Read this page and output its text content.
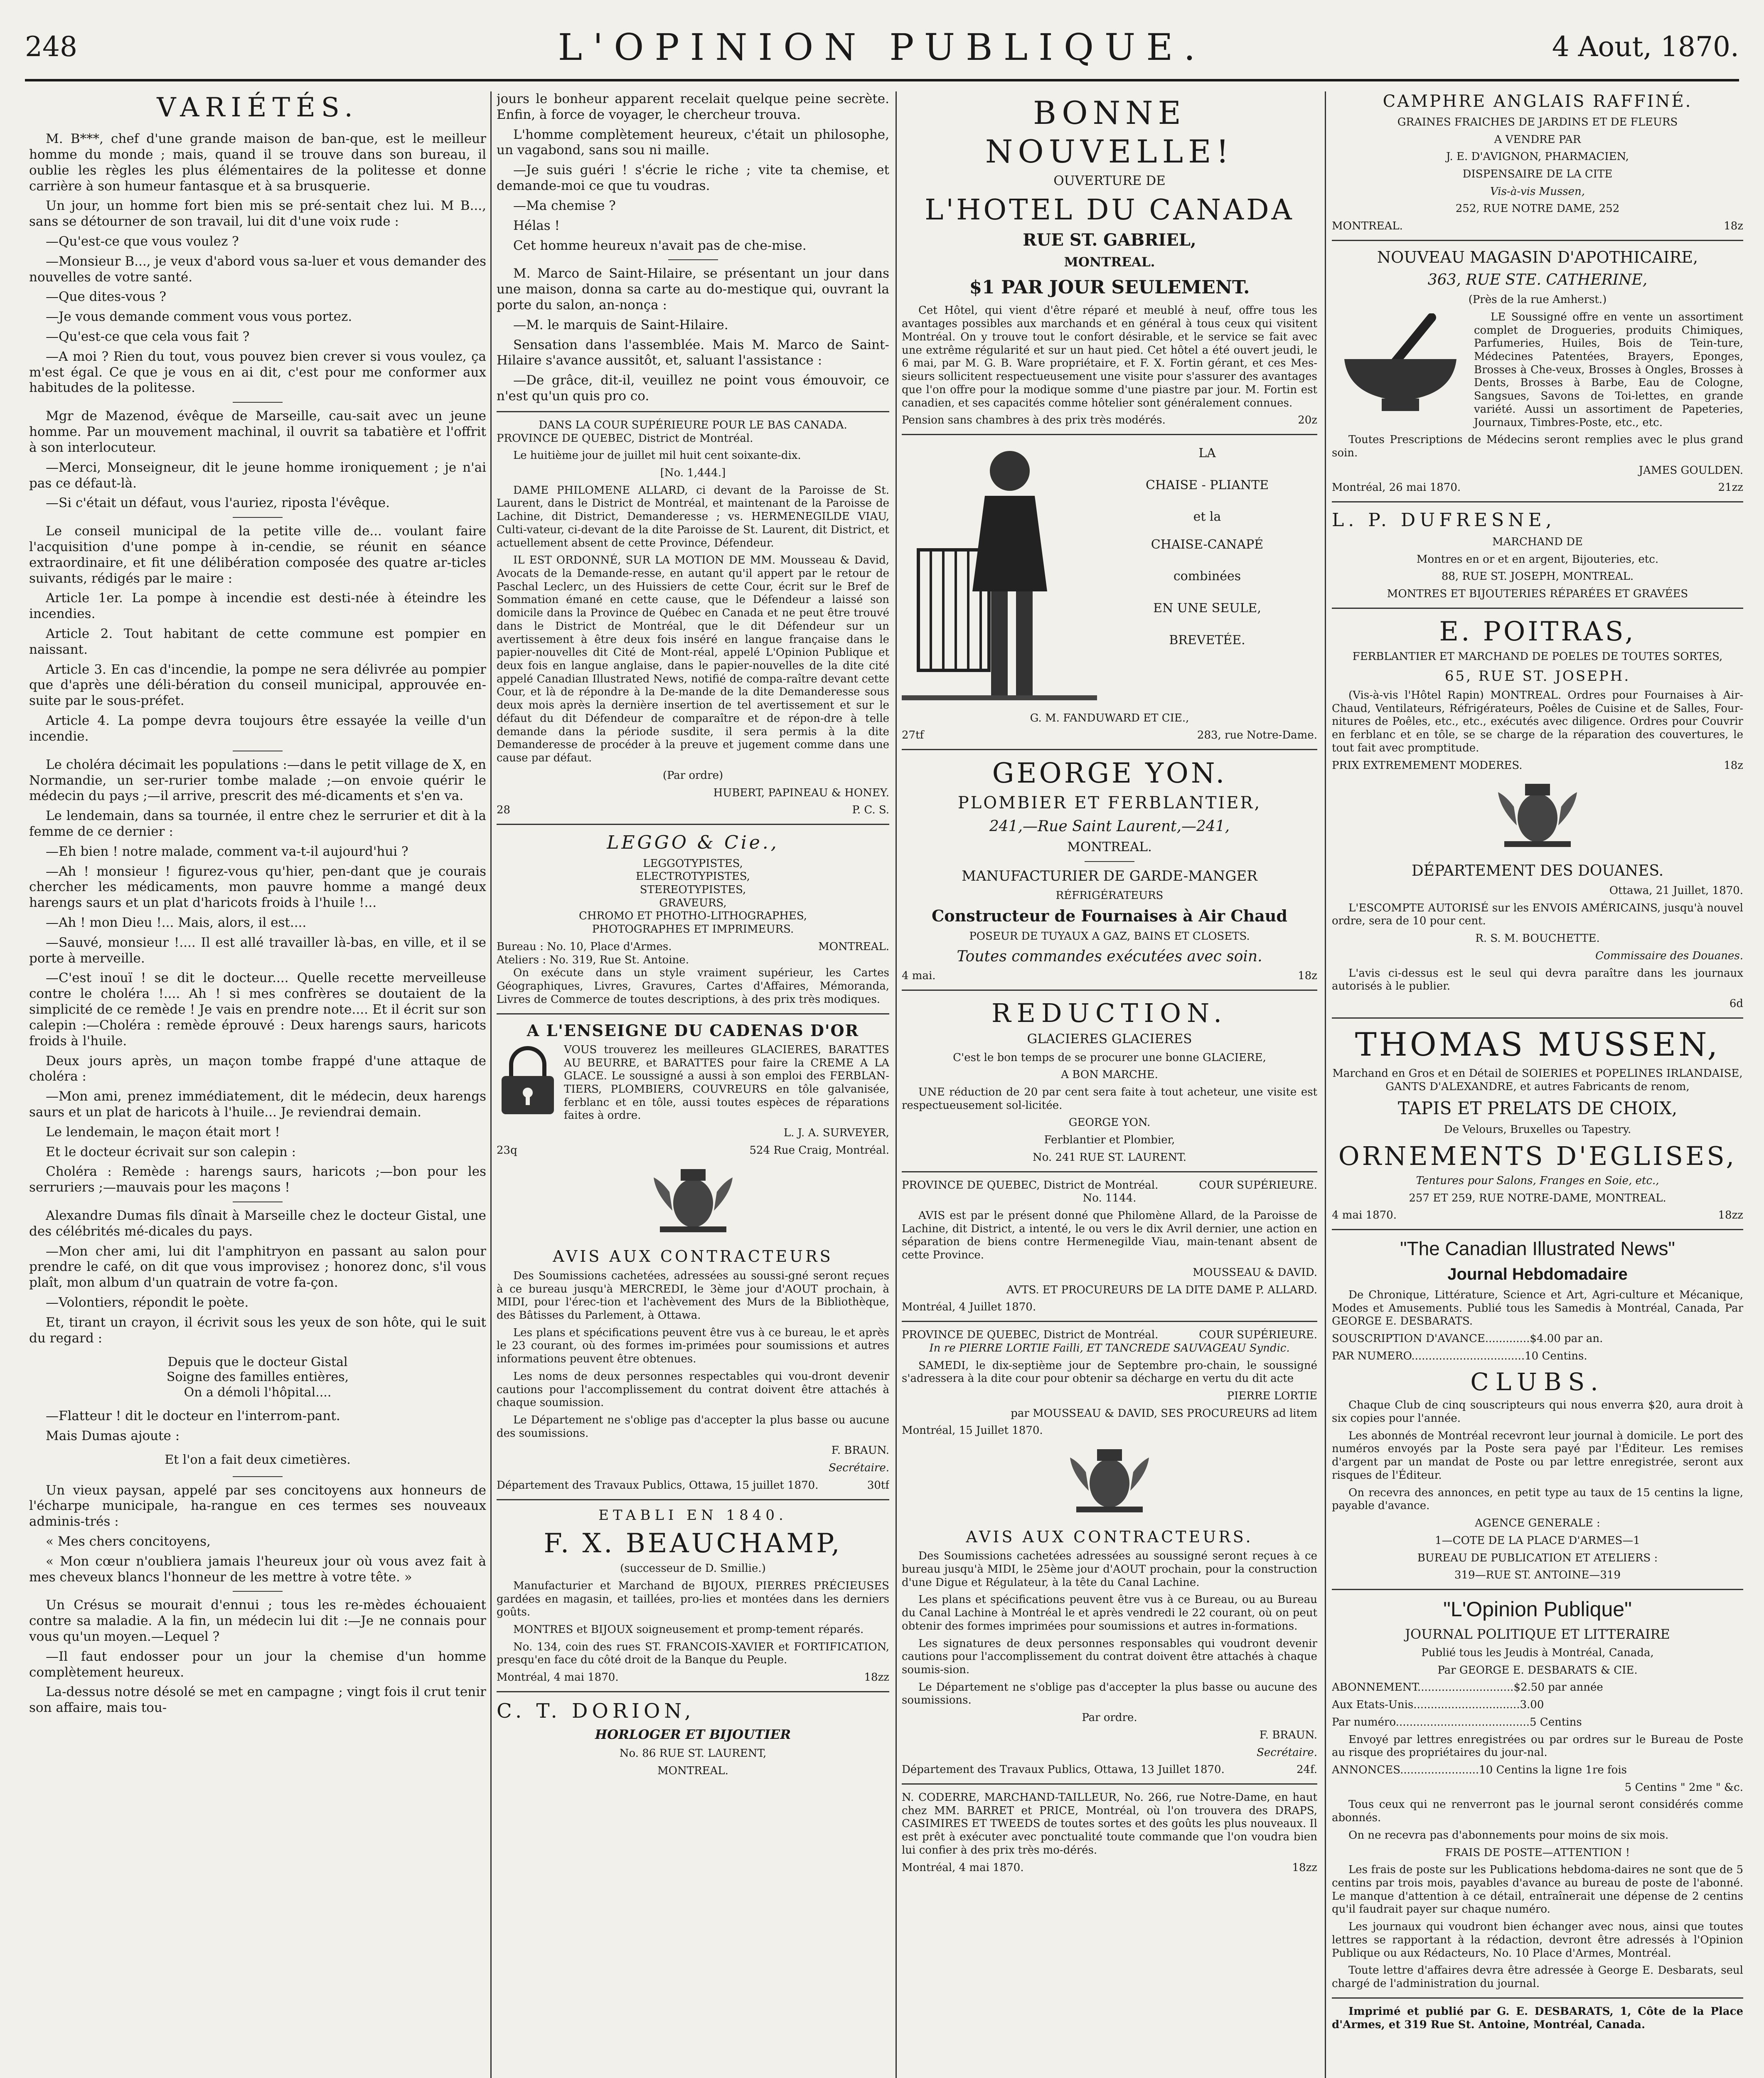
248	L'OPINION PUBLIQUE.	4 Aout, 1870.
VARIÉTÉS.

M. B***, chef d'une grande maison de ban-que, est le meilleur homme du monde ; mais, quand il se trouve dans son bureau, il oublie les règles les plus élémentaires de la politesse et donne carrière à son humeur fantasque et à sa brusquerie.

Un jour, un homme fort bien mis se pré-sentait chez lui. M B..., sans se détourner de son travail, lui dit d'une voix rude :

—Qu'est-ce que vous voulez ?

—Monsieur B..., je veux d'abord vous sa-luer et vous demander des nouvelles de votre santé.

—Que dites-vous ?

—Je vous demande comment vous vous portez.

—Qu'est-ce que cela vous fait ?

—A moi ? Rien du tout, vous pouvez bien crever si vous voulez, ça m'est égal. Ce que je vous en ai dit, c'est pour me conformer aux habitudes de la politesse.

Mgr de Mazenod, évêque de Marseille, cau-sait avec un jeune homme. Par un mouvement machinal, il ouvrit sa tabatière et l'offrit à son interlocuteur.

—Merci, Monseigneur, dit le jeune homme ironiquement ; je n'ai pas ce défaut-là.

—Si c'était un défaut, vous l'auriez, riposta l'évêque.

Le conseil municipal de la petite ville de... voulant faire l'acquisition d'une pompe à in-cendie, se réunit en séance extraordinaire, et fit une délibération composée des quatre ar-ticles suivants, rédigés par le maire :

Article 1er. La pompe à incendie est desti-née à éteindre les incendies.

Article 2. Tout habitant de cette commune est pompier en naissant.

Article 3. En cas d'incendie, la pompe ne sera délivrée au pompier que d'après une déli-bération du conseil municipal, approuvée en-suite par le sous-préfet.

Article 4. La pompe devra toujours être essayée la veille d'un incendie.

Le choléra décimait les populations :—dans le petit village de X, en Normandie, un ser-rurier tombe malade ;—on envoie quérir le médecin du pays ;—il arrive, prescrit des mé-dicaments et s'en va.

Le lendemain, dans sa tournée, il entre chez le serrurier et dit à la femme de ce dernier :

—Eh bien ! notre malade, comment va-t-il aujourd'hui ?

—Ah ! monsieur ! figurez-vous qu'hier, pen-dant que je courais chercher les médicaments, mon pauvre homme a mangé deux harengs saurs et un plat d'haricots froids à l'huile !...

—Ah ! mon Dieu !... Mais, alors, il est....

—Sauvé, monsieur !.... Il est allé travailler là-bas, en ville, et il se porte à merveille.

—C'est inouï ! se dit le docteur.... Quelle recette merveilleuse contre le choléra !.... Ah ! si mes confrères se doutaient de la simplicité de ce remède ! Je vais en prendre note.... Et il écrit sur son calepin :—Choléra : remède éprouvé : Deux harengs saurs, haricots froids à l'huile.

Deux jours après, un maçon tombe frappé d'une attaque de choléra :

—Mon ami, prenez immédiatement, dit le médecin, deux harengs saurs et un plat de haricots à l'huile... Je reviendrai demain.

Le lendemain, le maçon était mort !

Et le docteur écrivait sur son calepin :

Choléra : Remède : harengs saurs, haricots ;—bon pour les serruriers ;—mauvais pour les maçons !

Alexandre Dumas fils dînait à Marseille chez le docteur Gistal, une des célébrités mé-dicales du pays.

—Mon cher ami, lui dit l'amphitryon en passant au salon pour prendre le café, on dit que vous improvisez ; honorez donc, s'il vous plaît, mon album d'un quatrain de votre fa-çon.

—Volontiers, répondit le poète.

Et, tirant un crayon, il écrivit sous les yeux de son hôte, qui le suit du regard :

Depuis que le docteur Gistal
Soigne des familles entières,
On a démoli l'hôpital....

—Flatteur ! dit le docteur en l'interrom-pant.

Mais Dumas ajoute :

Et l'on a fait deux cimetières.

Un vieux paysan, appelé par ses concitoyens aux honneurs de l'écharpe municipale, ha-rangue en ces termes ses nouveaux adminis-trés :

« Mes chers concitoyens,

« Mon cœur n'oubliera jamais l'heureux jour où vous avez fait à mes cheveux blancs l'honneur de les mettre à votre tête. »

Un Crésus se mourait d'ennui ; tous les re-mèdes échouaient contre sa maladie. A la fin, un médecin lui dit :—Je ne connais pour vous qu'un moyen.—Lequel ?

—Il faut endosser pour un jour la chemise d'un homme complètement heureux.

La-dessus notre désolé se met en campagne ; vingt fois il crut tenir son affaire, mais tou-

jours le bonheur apparent recelait quelque peine secrète. Enfin, à force de voyager, le chercheur trouva.

L'homme complètement heureux, c'était un philosophe, un vagabond, sans sou ni maille.

—Je suis guéri ! s'écrie le riche ; vite ta chemise, et demande-moi ce que tu voudras.

—Ma chemise ?

Hélas !

Cet homme heureux n'avait pas de che-mise.

M. Marco de Saint-Hilaire, se présentant un jour dans une maison, donna sa carte au do-mestique qui, ouvrant la porte du salon, an-nonça :

—M. le marquis de Saint-Hilaire.

Sensation dans l'assemblée. Mais M. Marco de Saint-Hilaire s'avance aussitôt, et, saluant l'assistance :

—De grâce, dit-il, veuillez ne point vous émouvoir, ce n'est qu'un quis pro co.

DANS LA COUR SUPÉRIEURE POUR LE BAS CANADA.

PROVINCE DE QUEBEC, District de Montréal.

Le huitième jour de juillet mil huit cent soixante-dix.

[No. 1,444.]

DAME PHILOMENE ALLARD, ci devant de la Paroisse de St. Laurent, dans le District de Montréal, et maintenant de la Paroisse de Lachine, dit District, Demanderesse ; vs. HERMENEGILDE VIAU, Culti-vateur, ci-devant de la dite Paroisse de St. Laurent, dit District, et actuellement absent de cette Province, Défendeur.

IL EST ORDONNÉ, SUR LA MOTION DE MM. Mousseau & David, Avocats de la Demande-resse, en autant qu'il appert par le retour de Paschal Leclerc, un des Huissiers de cette Cour, écrit sur le Bref de Sommation émané en cette cause, que le Défendeur a laissé son domicile dans la Province de Québec en Canada et ne peut être trouvé dans le District de Montréal, que le dit Défendeur sur un avertissement à être deux fois inséré en langue française dans le papier-nouvelles dit Cité de Mont-réal, appelé L'Opinion Publique et deux fois en langue anglaise, dans le papier-nouvelles de la dite cité appelé Canadian Illustrated News, notifié de compa-raître devant cette Cour, et là de répondre à la De-mande de la dite Demanderesse sous deux mois après la dernière insertion de tel avertissement et sur le défaut du dit Défendeur de comparaître et de répon-dre à telle demande dans la période susdite, il sera permis à la dite Demanderesse de procéder à la preuve et jugement comme dans une cause par défaut.

(Par ordre)

HUBERT, PAPINEAU & HONEY.

28	P. C. S.
LEGGO & Cie.,
LEGGOTYPISTES,
ELECTROTYPISTES,
STEREOTYPISTES,
GRAVEURS,
CHROMO ET PHOTHO-LITHOGRAPHES,
PHOTOGRAPHES ET IMPRIMEURS.
Bureau : No. 10, Place d'Armes.
Ateliers : No. 319, Rue St. Antoine.
MONTREAL.

On exécute dans un style vraiment supérieur, les Cartes Géographiques, Livres, Gravures, Cartes d'Affaires, Mémoranda, Livres de Commerce de toutes descriptions, à des prix très modiques.

A L'ENSEIGNE DU CADENAS D'OR

VOUS trouverez les meilleures GLACIERES, BARATTES AU BEURRE, et BARATTES pour faire la CREME A LA GLACE. Le soussigné a aussi à son emploi des FERBLAN-TIERS, PLOMBIERS, COUVREURS en tôle galvanisée, ferblanc et en tôle, aussi toutes espèces de réparations faites à ordre.

L. J. A. SURVEYER,

23q	524 Rue Craig, Montréal.
AVIS AUX CONTRACTEURS

Des Soumissions cachetées, adressées au soussi-gné seront reçues à ce bureau jusqu'à MERCREDI, le 3ème jour d'AOUT prochain, à MIDI, pour l'érec-tion et l'achèvement des Murs de la Bibliothèque, des Bâtisses du Parlement, à Ottawa.

Les plans et spécifications peuvent être vus à ce bureau, le et après le 23 courant, où des formes im-primées pour soumissions et autres informations peuvent être obtenues.

Les noms de deux personnes respectables qui vou-dront devenir cautions pour l'accomplissement du contrat doivent être attachés à chaque soumission.

Le Département ne s'oblige pas d'accepter la plus basse ou aucune des soumissions.

F. BRAUN.

Secrétaire.

Département des Travaux Publics, Ottawa, 15 juillet 1870.	30tf
ETABLI EN 1840.

F. X. BEAUCHAMP,

(successeur de D. Smillie.)

Manufacturier et Marchand de BIJOUX, PIERRES PRÉCIEUSES gardées en magasin, et taillées, pro-lies et montées dans les derniers goûts.

MONTRES et BIJOUX soigneusement et promp-tement réparés.

No. 134, coin des rues ST. FRANCOIS-XAVIER et FORTIFICATION, presqu'en face du côté droit de la Banque du Peuple.

Montréal, 4 mai 1870.	18zz

C. T. DORION,

HORLOGER ET BIJOUTIER

No. 86 RUE ST. LAURENT,

MONTREAL.

BONNE NOUVELLE!

OUVERTURE DE

L'HOTEL DU CANADA

RUE ST. GABRIEL,

MONTREAL.

$1 PAR JOUR SEULEMENT.

Cet Hôtel, qui vient d'être réparé et meublé à neuf, offre tous les avantages possibles aux marchands et en général à tous ceux qui visitent Montréal. On y trouve tout le confort désirable, et le service se fait avec une extrême régularité et sur un haut pied. Cet hôtel a été ouvert jeudi, le 6 mai, par M. G. B. Ware propriétaire, et F. X. Fortin gérant, et ces Mes-sieurs sollicitent respectueusement une visite pour s'assurer des avantages que l'on offre pour la modique somme d'une piastre par jour. M. Fortin est canadien, et ses capacités comme hôtelier sont généralement connues.

Pension sans chambres à des prix très modérés.	20z
LA
CHAISE - PLIANTE
et la
CHAISE-CANAPÉ
combinées
EN UNE SEULE,
BREVETÉE.

G. M. FANDUWARD ET CIE.,

27tf	283, rue Notre-Dame.

GEORGE YON.

PLOMBIER ET FERBLANTIER,

241,—Rue Saint Laurent,—241,

MONTREAL.

MANUFACTURIER DE GARDE-MANGER

RÉFRIGÉRATEURS

Constructeur de Fournaises à Air Chaud

POSEUR DE TUYAUX A GAZ, BAINS ET CLOSETS.

Toutes commandes exécutées avec soin.

4 mai.	18z

REDUCTION.

GLACIERES GLACIERES

C'est le bon temps de se procurer une bonne GLACIERE,

A BON MARCHE.

UNE réduction de 20 par cent sera faite à tout acheteur, une visite est respectueusement sol-licitée.

GEORGE YON.

Ferblantier et Plombier,

No. 241 RUE ST. LAURENT.

PROVINCE DE QUEBEC, District de Montréal.	COUR SUPÉRIEURE.

No. 1144.

AVIS est par le présent donné que Philomène Allard, de la Paroisse de Lachine, dit District, a intenté, le ou vers le dix Avril dernier, une action en séparation de biens contre Hermenegilde Viau, main-tenant absent de cette Province.

MOUSSEAU & DAVID.

AVTS. ET PROCUREURS DE LA DITE DAME P. ALLARD.

Montréal, 4 Juillet 1870.

PROVINCE DE QUEBEC, District de Montréal.	COUR SUPÉRIEURE.

In re PIERRE LORTIE Failli, ET TANCREDE SAUVAGEAU Syndic.

SAMEDI, le dix-septième jour de Septembre pro-chain, le soussigné s'adressera à la dite cour pour obtenir sa décharge en vertu du dit acte

PIERRE LORTIE

par MOUSSEAU & DAVID, SES PROCUREURS ad litem

Montréal, 15 Juillet 1870.

AVIS AUX CONTRACTEURS.

Des Soumissions cachetées adressées au soussigné seront reçues à ce bureau jusqu'à MIDI, le 25ème jour d'AOUT prochain, pour la construction d'une Digue et Régulateur, à la tête du Canal Lachine.

Les plans et spécifications peuvent être vus à ce Bureau, ou au Bureau du Canal Lachine à Montréal le et après vendredi le 22 courant, où on peut obtenir des formes imprimées pour soumissions et autres in-formations.

Les signatures de deux personnes responsables qui voudront devenir cautions pour l'accomplissement du contrat doivent être attachés à chaque soumis-sion.

Le Département ne s'oblige pas d'accepter la plus basse ou aucune des soumissions.

Par ordre.

F. BRAUN.

Secrétaire.

Département des Travaux Publics, Ottawa, 13 Juillet 1870.	24f.

N. CODERRE, MARCHAND-TAILLEUR, No. 266, rue Notre-Dame, en haut chez MM. BARRET et PRICE, Montréal, où l'on trouvera des DRAPS, CASIMIRES ET TWEEDS de toutes sortes et des goûts les plus nouveaux. Il est prêt à exécuter avec ponctualité toute commande que l'on voudra bien lui confier à des prix très mo-dérés.

Montréal, 4 mai 1870.	18zz

CAMPHRE ANGLAIS RAFFINÉ.

GRAINES FRAICHES DE JARDINS ET DE FLEURS

A VENDRE PAR

J. E. D'AVIGNON, PHARMACIEN,

DISPENSAIRE DE LA CITE

Vis-à-vis Mussen,

252, RUE NOTRE DAME, 252

MONTREAL.	18z

NOUVEAU MAGASIN D'APOTHICAIRE,

363, RUE STE. CATHERINE,

(Près de la rue Amherst.)

LE Soussigné offre en vente un assortiment complet de Drogueries, produits Chimiques, Parfumeries, Huiles, Bois de Tein-ture, Médecines Patentées, Brayers, Eponges, Brosses à Che-veux, Brosses à Ongles, Brosses à Dents, Brosses à Barbe, Eau de Cologne, Sangsues, Savons de Toi-lettes, en grande variété. Aussi un assortiment de Papeteries, Journaux, Timbres-Poste, etc., etc.

Toutes Prescriptions de Médecins seront remplies avec le plus grand soin.

JAMES GOULDEN.

Montréal, 26 mai 1870.	21zz

L. P. DUFRESNE,

MARCHAND DE

Montres en or et en argent, Bijouteries, etc.

88, RUE ST. JOSEPH, MONTREAL.

MONTRES ET BIJOUTERIES RÉPARÉES ET GRAVÉES

E. POITRAS,

FERBLANTIER ET MARCHAND DE POELES DE TOUTES SORTES,

65, RUE ST. JOSEPH.

(Vis-à-vis l'Hôtel Rapin) MONTREAL. Ordres pour Fournaises à Air-Chaud, Ventilateurs, Réfrigérateurs, Poêles de Cuisine et de Salles, Four-nitures de Poêles, etc., etc., exécutés avec diligence. Ordres pour Couvrir en ferblanc et en tôle, se se charge de la réparation des couvertures, le tout fait avec promptitude.

PRIX EXTREMEMENT MODERES.	18z

DÉPARTEMENT DES DOUANES.

Ottawa, 21 Juillet, 1870.

L'ESCOMPTE AUTORISÉ sur les ENVOIS AMÉRICAINS, jusqu'à nouvel ordre, sera de 10 pour cent.

R. S. M. BOUCHETTE.

Commissaire des Douanes.

L'avis ci-dessus est le seul qui devra paraître dans les journaux autorisés à le publier.

6d

THOMAS MUSSEN,

Marchand en Gros et en Détail de SOIERIES et POPELINES IRLANDAISE, GANTS D'ALEXANDRE, et autres Fabricants de renom,

TAPIS ET PRELATS DE CHOIX,

De Velours, Bruxelles ou Tapestry.

ORNEMENTS D'EGLISES,

Tentures pour Salons, Franges en Soie, etc.,

257 ET 259, RUE NOTRE-DAME, MONTREAL.

4 mai 1870.	18zz

"The Canadian Illustrated News"

Journal Hebdomadaire

De Chronique, Littérature, Science et Art, Agri-culture et Mécanique, Modes et Amusements. Publié tous les Samedis à Montréal, Canada, Par GEORGE E. DESBARATS.

SOUSCRIPTION D'AVANCE.............$4.00 par an.

PAR NUMERO.................................10 Centins.

CLUBS.

Chaque Club de cinq souscripteurs qui nous enverra $20, aura droit à six copies pour l'année.

Les abonnés de Montréal recevront leur journal à domicile. Le port des numéros envoyés par la Poste sera payé par l'Éditeur. Les remises d'argent par un mandat de Poste ou par lettre enregistrée, seront aux risques de l'Éditeur.

On recevra des annonces, en petit type au taux de 15 centins la ligne, payable d'avance.

AGENCE GENERALE :

1—COTE DE LA PLACE D'ARMES—1

BUREAU DE PUBLICATION ET ATELIERS :

319—RUE ST. ANTOINE—319

"L'Opinion Publique"

JOURNAL POLITIQUE ET LITTERAIRE

Publié tous les Jeudis à Montréal, Canada,

Par GEORGE E. DESBARATS & CIE.

ABONNEMENT............................$2.50 par année

Aux Etats-Unis...............................3.00

Par numéro.......................................5 Centins

Envoyé par lettres enregistrées ou par ordres sur le Bureau de Poste au risque des propriétaires du jour-nal.

ANNONCES.......................10 Centins la ligne 1re fois

5 Centins " 2me " &c.

Tous ceux qui ne renverront pas le journal seront considérés comme abonnés.

On ne recevra pas d'abonnements pour moins de six mois.

FRAIS DE POSTE—ATTENTION !

Les frais de poste sur les Publications hebdoma-daires ne sont que de 5 centins par trois mois, payables d'avance au bureau de poste de l'abonné. Le manque d'attention à ce détail, entraînerait une dépense de 2 centins qu'il faudrait payer sur chaque numéro.

Les journaux qui voudront bien échanger avec nous, ainsi que toutes lettres se rapportant à la rédaction, devront être adressés à l'Opinion Publique ou aux Rédacteurs, No. 10 Place d'Armes, Montréal.

Toute lettre d'affaires devra être adressée à George E. Desbarats, seul chargé de l'administration du journal.

Imprimé et publié par G. E. DESBARATS, 1, Côte de la Place d'Armes, et 319 Rue St. Antoine, Montréal, Canada.
